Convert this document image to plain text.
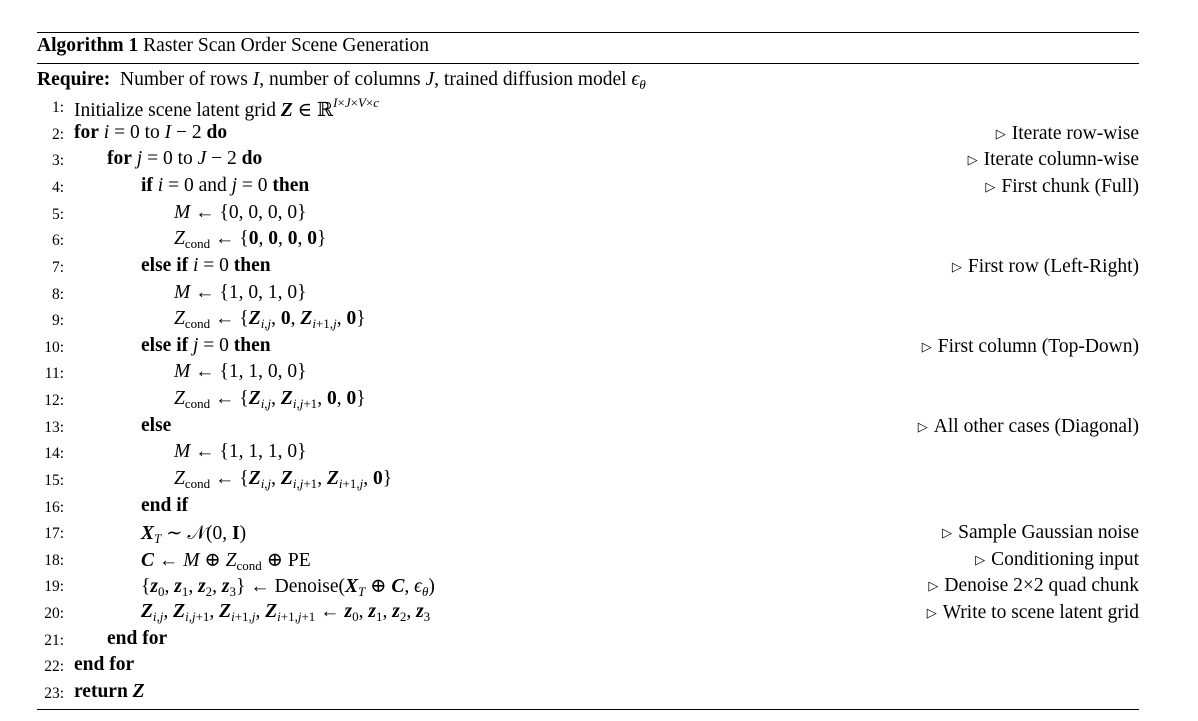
Algorithm 1 Raster Scan Order Scene Generation
Require: Number of rows I, number of columns J, trained diffusion model $\epsilon_\theta$
1: Initialize scene latent grid Z ∈ ℝ$^{I\times J\times V\times c}$
2: for i = 0 to I − 2 do	▷ Iterate row-wise
3: for j = 0 to J − 2 do	▷ Iterate column-wise
4:	if i = 0 and j = 0 then	▷ First chunk (Full)
5:	M ← {0, 0, 0, 0}
6:	$Z_{cond}$ ← {0, 0, 0, 0}
7:	else if i = 0 then	▷ First row (Left-Right)
8:	M ← {1, 0, 1, 0}
9:	$Z_{cond}$ ← {$Z_{i,j}$, 0, $Z_{i+1,j}$, 0}
10:	else if j = 0 then	▷ First column (Top-Down)
11:	M ← {1, 1, 0, 0}
12:	$Z_{cond}$ ← {$Z_{i,j}$, $Z_{i,j+1}$, 0, 0}
13:	else	▷ All other cases (Diagonal)
14:	M ← {1, 1, 1, 0}
15:	$Z_{cond}$ ← {$Z_{i,j}$, $Z_{i,j+1}$, $Z_{i+1,j}$, 0}
16:	end if
17:	$X_T$ ∼ 𝒩(0, I)	▷ Sample Gaussian noise
18:	C ← M ⊕ $Z_{cond}$ ⊕ PE	▷ Conditioning input
19:	{$z_0$, $z_1$, $z_2$, $z_3$} ← $Denoise(X_T$ ⊕ C, $\epsilon_\theta$)	▷ Denoise 2×2 quad chunk
20:	$Z_{i,j}$, $Z_{i,j+1}$, $Z_{i+1,j}$, $Z_{i+1,j+1}$ ← $z_0$, $z_1$, $z_2$, $z_3$	▷ Write to scene latent grid
21: end for
22: end for
23: return Z
